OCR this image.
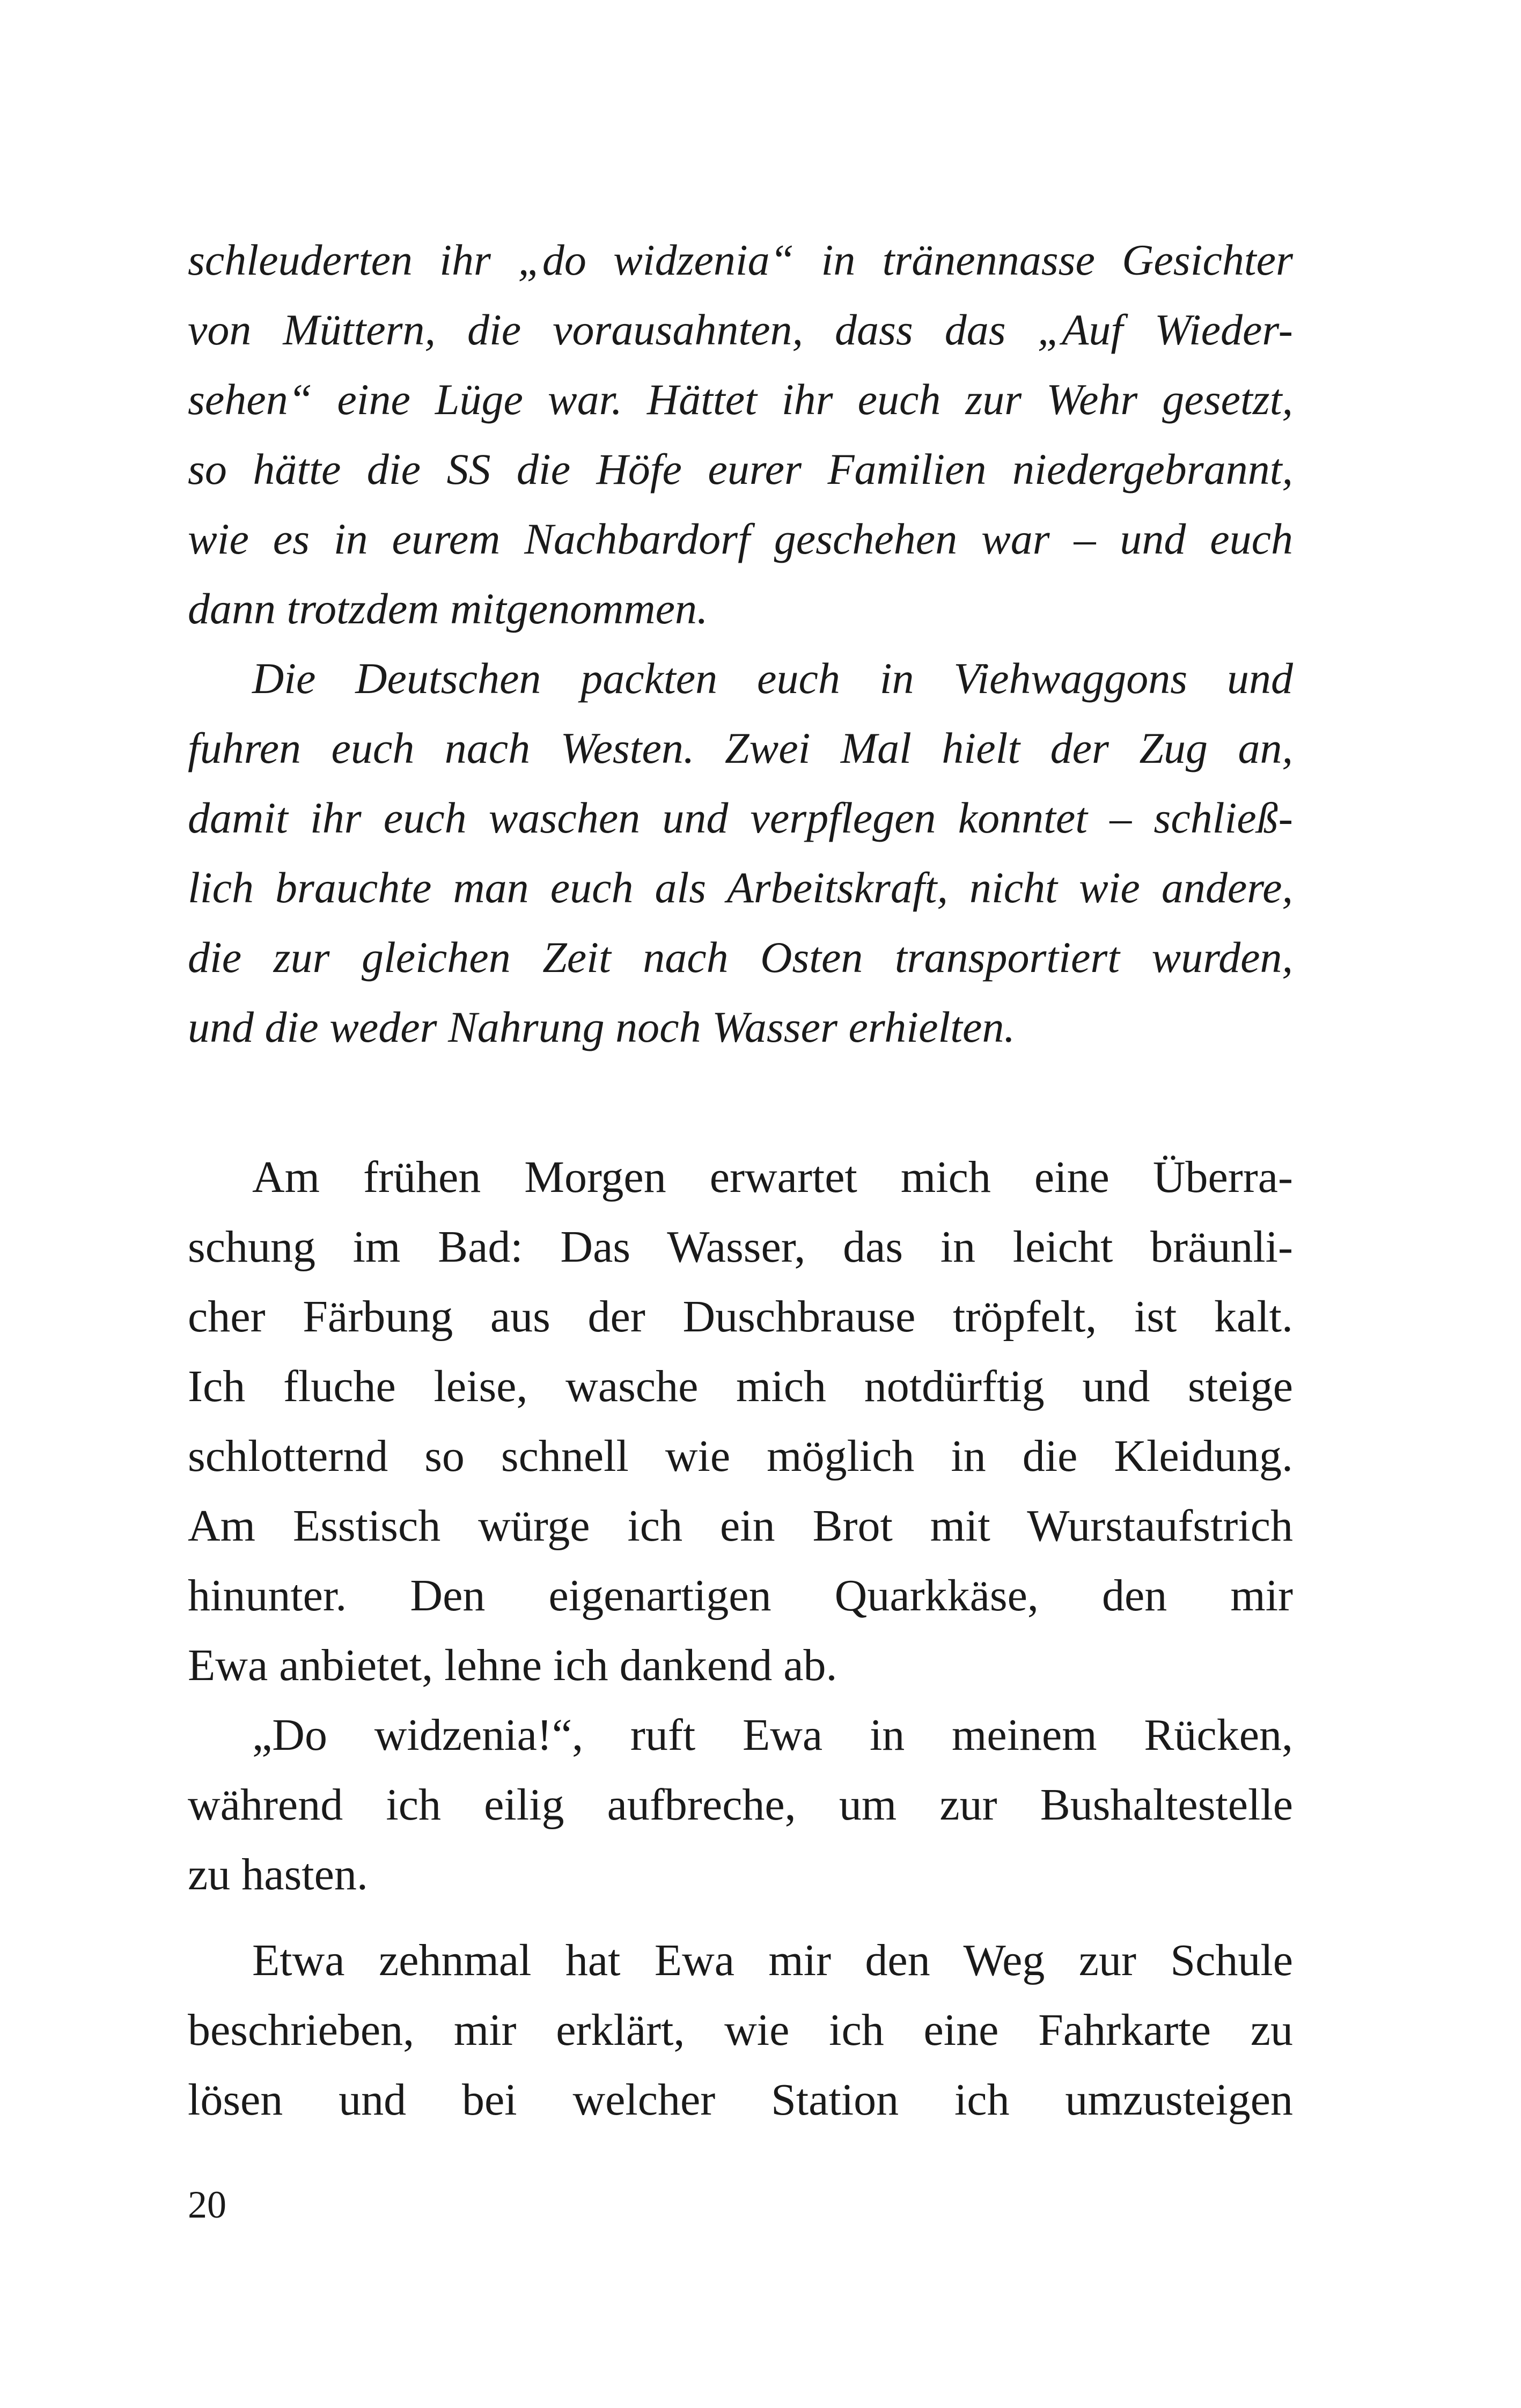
schleuderten ihr „do widzenia“ in tränennasse Gesichter
von Müttern, die vorausahnten, dass das „Auf Wieder-
sehen“ eine Lüge war. Hättet ihr euch zur Wehr gesetzt,
so hätte die SS die Höfe eurer Familien niedergebrannt,
wie es in eurem Nachbardorf geschehen war – und euch
dann trotzdem mitgenommen.
Die Deutschen packten euch in Viehwaggons und
fuhren euch nach Westen. Zwei Mal hielt der Zug an,
damit ihr euch waschen und verpflegen konntet – schließ-
lich brauchte man euch als Arbeitskraft, nicht wie andere,
die zur gleichen Zeit nach Osten transportiert wurden,
und die weder Nahrung noch Wasser erhielten.
Am frühen Morgen erwartet mich eine Überra-
schung im Bad: Das Wasser, das in leicht bräunli-
cher Färbung aus der Duschbrause tröpfelt, ist kalt.
Ich fluche leise, wasche mich notdürftig und steige
schlotternd so schnell wie möglich in die Kleidung.
Am Esstisch würge ich ein Brot mit Wurstaufstrich
hinunter. Den eigenartigen Quarkkäse, den mir
Ewa anbietet, lehne ich dankend ab.
„Do widzenia!“, ruft Ewa in meinem Rücken,
während ich eilig aufbreche, um zur Bushaltestelle
zu hasten.
Etwa zehnmal hat Ewa mir den Weg zur Schule
beschrieben, mir erklärt, wie ich eine Fahrkarte zu
lösen und bei welcher Station ich umzusteigen
20
